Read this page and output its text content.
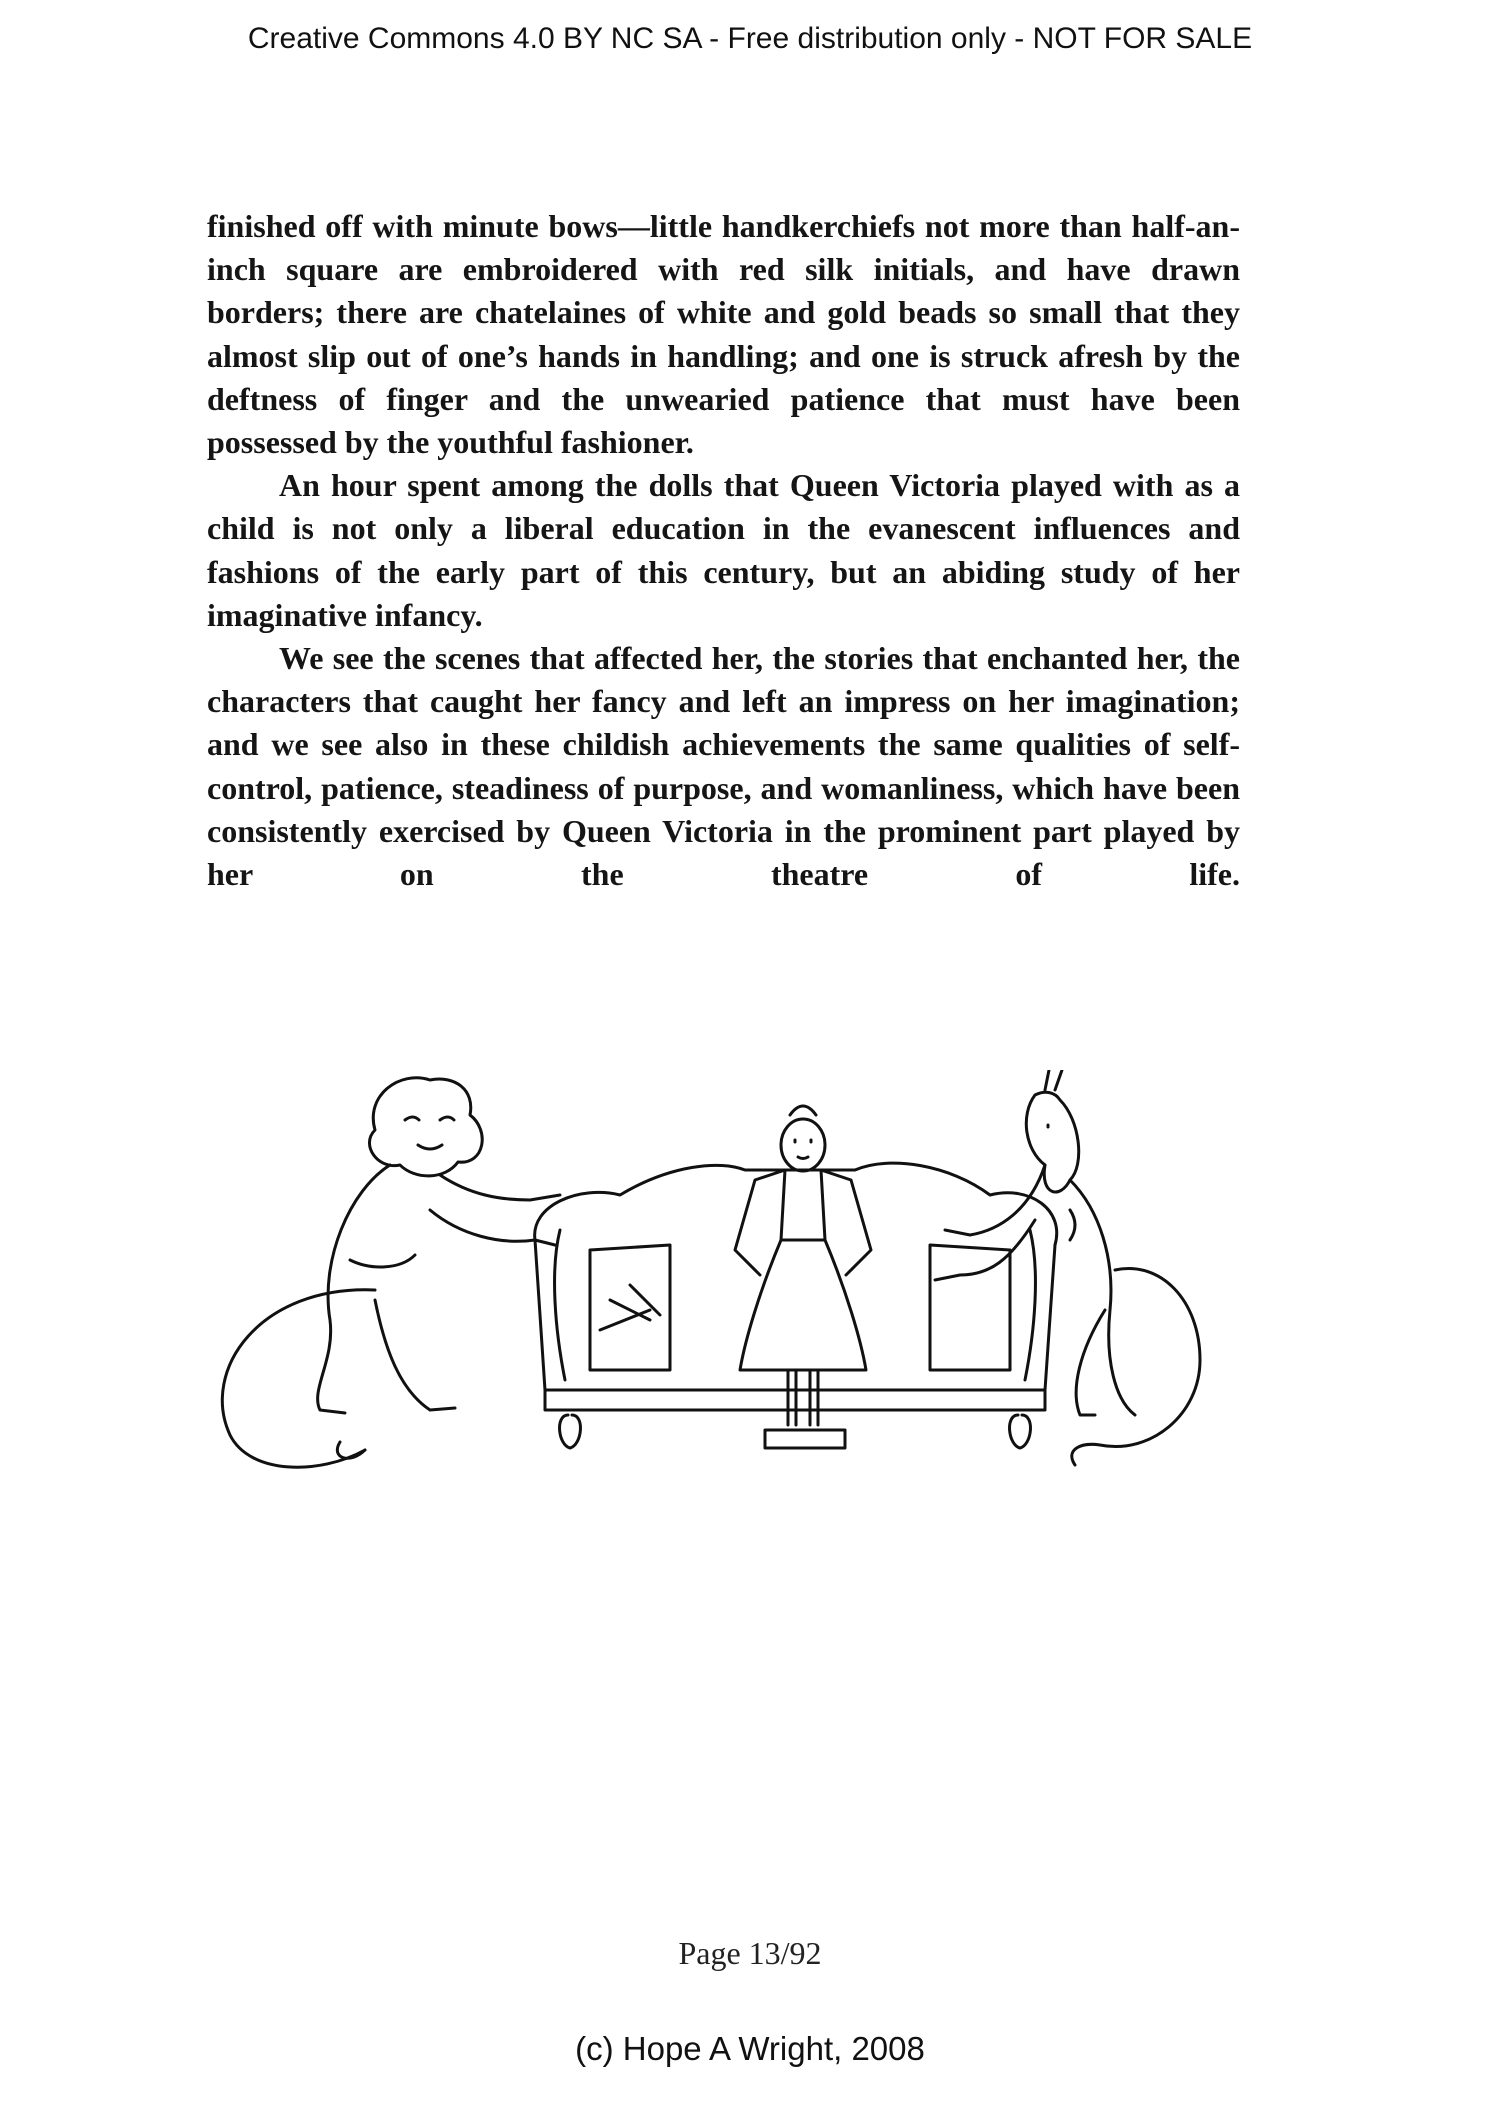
Creative Commons 4.0 BY NC SA - Free distribution only - NOT FOR SALE

finished off with minute bows—little handkerchiefs not more than half-an-inch square are embroidered with red silk initials, and have drawn borders; there are chatelaines of white and gold beads so small that they almost slip out of one’s hands in handling; and one is struck afresh by the deftness of finger and the unwearied patience that must have been possessed by the youthful fashioner.

An hour spent among the dolls that Queen Victoria played with as a child is not only a liberal education in the evanescent influences and fashions of the early part of this century, but an abiding study of her imaginative infancy.

We see the scenes that affected her, the stories that enchanted her, the characters that caught her fancy and left an impress on her imagination; and we see also in these childish achievements the same qualities of self-control, patience, steadiness of purpose, and womanliness, which have been consistently exercised by Queen Victoria in the prominent part played by her on the theatre of life.

Page 13/92
(c) Hope A Wright, 2008
